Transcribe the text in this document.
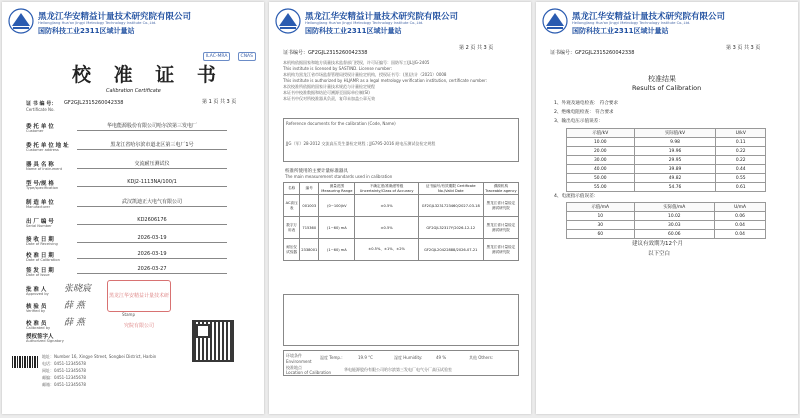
黑龙江华安精益计量技术研究院有限公司
Heilongjiang Hua'an Jingyi Metrology Technology Institute Co.,Ltd.
国防科技工业2311区域计量站
ILAC-MRA	CNAS
校 准 证 书
Calibration Certificate
第 1 页 共 3 页
证 书 编 号： GF2GJL2315260042338
Certificate No.
委 托 单 位
Customer
华电能源股份有限公司哈尔滨第三发电厂
委 托 单 位 地 址
Customer address
黑龙江省哈尔滨市道北区第三电厂1号
器 具 名 称
Name of instrument
交流耐压测试仪
型 号/规 格
Type/specification
KDJ2-1113NA/100/1
制 造 单 位
Manufacturer
武汉凯迪正大电气有限公司
出 厂 编 号
Serial Number
KD2606176
接 收 日 期
Date of Receiving
2026-03-19
校 准 日 期
Date of Calibration
2026-03-19
签 发 日 期
Date of Issue
2026-03-27
批 准 人
Approved by 张晓宸
核 验 员
Verified by 薛 燕
校 准 员
Calibrated by 薛 燕
黑龙江华安精益计量技术研究院有限公司
Stamp
授权签字人
Authorized Signatory
地址：Number 16, Xingye Street, Songbei District, Harbin
电话：0451-12345678
网址：0451-12345678
邮编：0451-12345678
邮箱：0451-12345678
黑龙江华安精益计量技术研究院有限公司
Heilongjiang Hua'an Jingyi Metrology Technology Institute Co.,Ltd.
国防科技工业2311区域计量站
第 2 页 共 3 页
证书编号：GF2GJL2315260042338
本机构依据国家和地方质量技术监督部门授权，许可证编号：国防军工(JL)JG-2405
This institute is licensed by SASTIND. License number:
本机构为黑龙江省市场监督管理局授权计量检定机构，授权证书号：(黑)法计（2021）0008
This institute is authorized by HLJAMR as a legal metrology verification institution, certificate number:
本次校准所依据的国家计量技术规范与计量检定规程
本证书中校准数据和结论可溯源至国际单位制(SI)
本证书中仅对所校准器具负责，复印未加盖公章无效
Reference documents for the calibration (Code, Name)
JJG（军）28-2012 交流高压发生器检定规程 ; JJG795-2016 耐电压测试仪检定规程
校准所使用的主要计量标准器具
The main measurement standards used in calibration
名称	编号	测量范围 Measuring Range	不确定度/准确度等级 Uncertainty/Class of Accuracy	证书编号/有效期限 Certificate No./Valid Date	溯源机构 Traceable agency
AC高压表	001003	(0~100)kV	±0.5%	GF2GJL3231723460/2027-03-18	黑龙江省计量检定测试研究院
数字万用表	715360	(1~60) mA	±0.5%	GF2GJL32317Y/2026-12-12	黑龙江省计量检定测试研究院
耐压仪试验器	2338001	(1~60) mA	±0.5%、±1%、±2%	GF2GJL20422888/2026-07-21	黑龙江省计量检定测试研究院
环境条件
Environment
温度 Temp.:	19.9 °C	湿度 Humidity:	49 %	其他 Others:
校准地点
Location of Calibration
华电能源股份有限公司哈尔滨第三发电厂电气分厂高压试验室
黑龙江华安精益计量技术研究院有限公司
Heilongjiang Hua'an Jingyi Metrology Technology Institute Co.,Ltd.
国防科技工业2311区域计量站
第 3 页 共 3 页
证书编号：GF2GJL2315260042338
校准结果
Results of Calibration
1、外观及通电检查： 符合要求
2、绝缘电阻检查： 符合要求
3、输出电压示值误差：
示值/kV	实际值/kV	U/kV
10.00	9.98	0.11
20.00	19.96	0.22
30.00	29.95	0.22
40.00	39.89	0.44
50.00	49.82	0.55
55.00	54.76	0.61
4、电流指示值误差：
示值/mA	实际值/mA	U/mA
10	10.02	0.06
30	30.03	0.04
60	60.06	0.04
建议有效期为12个月
以下空白
